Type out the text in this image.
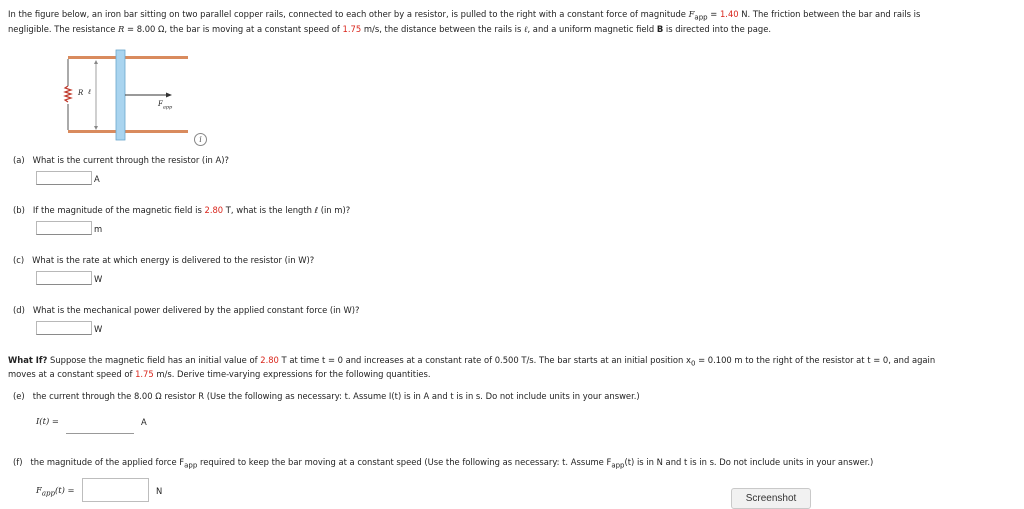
In the figure below, an iron bar sitting on two parallel copper rails, connected to each other by a resistor, is pulled to the right with a constant force of magnitude $F_{app} = 1.40$ N. The friction between the bar and rails is
negligible. The resistance R = 8.00 Ω, the bar is moving at a constant speed of 1.75 m/s, the distance between the rails is ℓ, and a uniform magnetic field B is directed into the page.
R ℓ
$F_{app}$
i
(a) What is the current through the resistor (in A)?
A
(b) If the magnitude of the magnetic field is 2.80 T, what is the length ℓ (in m)?
m
(c) What is the rate at which energy is delivered to the resistor (in W)?
W
(d) What is the mechanical power delivered by the applied constant force (in W)?
W
What If? Suppose the magnetic field has an initial value of 2.80 T at time t = 0 and increases at a constant rate of 0.500 T/s. The bar starts at an initial position $x_0 = 0.100$ m to the right of the resistor at t = 0, and again
moves at a constant speed of 1.75 m/s. Derive time-varying expressions for the following quantities.
(e) the current through the 8.00 Ω resistor R (Use the following as necessary: t. Assume I(t) is in A and t is in s. Do not include units in your answer.)
I(t) =	A
(f) the magnitude of the applied force $F_{app}$ required to keep the bar moving at a constant speed (Use the following as necessary: t. Assume $F_{app}(t)$ is in N and t is in s. Do not include units in your answer.)
$F_{app}(t)$ =	N
Screenshot
